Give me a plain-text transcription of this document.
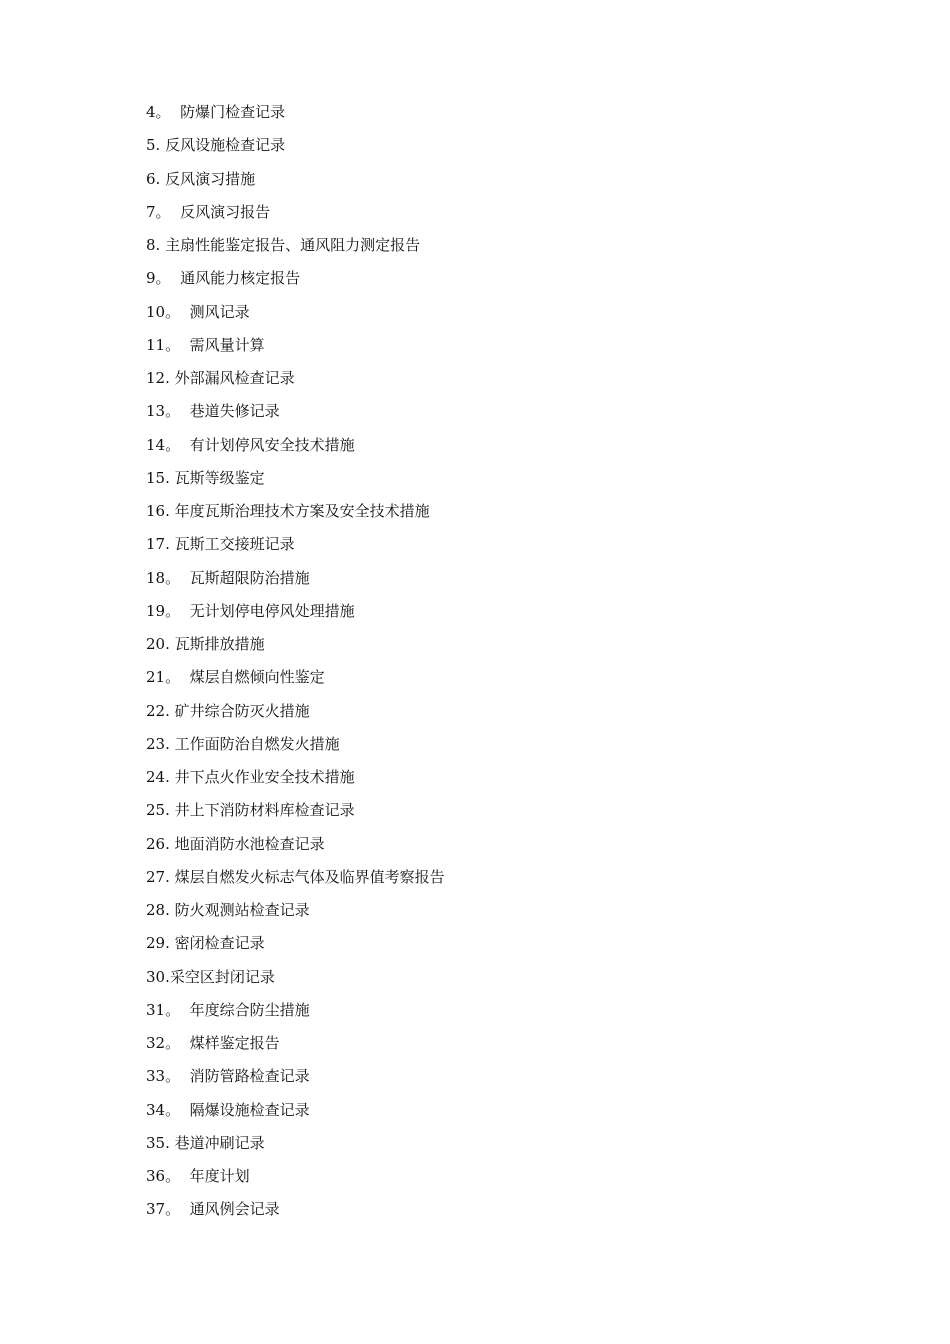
4。  防爆门检查记录
5. 反风设施检查记录
6. 反风演习措施
7。  反风演习报告
8. 主扇性能鉴定报告、通风阻力测定报告
9。  通风能力核定报告
10。  测风记录
11。  需风量计算
12. 外部漏风检查记录
13。  巷道失修记录
14。  有计划停风安全技术措施
15. 瓦斯等级鉴定
16. 年度瓦斯治理技术方案及安全技术措施
17. 瓦斯工交接班记录
18。  瓦斯超限防治措施
19。  无计划停电停风处理措施
20. 瓦斯排放措施
21。  煤层自燃倾向性鉴定
22. 矿井综合防灭火措施
23. 工作面防治自燃发火措施
24. 井下点火作业安全技术措施
25. 井上下消防材料库检查记录
26. 地面消防水池检查记录
27. 煤层自燃发火标志气体及临界值考察报告
28. 防火观测站检查记录
29. 密闭检查记录
30.采空区封闭记录
31。  年度综合防尘措施
32。  煤样鉴定报告
33。  消防管路检查记录
34。  隔爆设施检查记录
35. 巷道冲刷记录
36。  年度计划
37。  通风例会记录
